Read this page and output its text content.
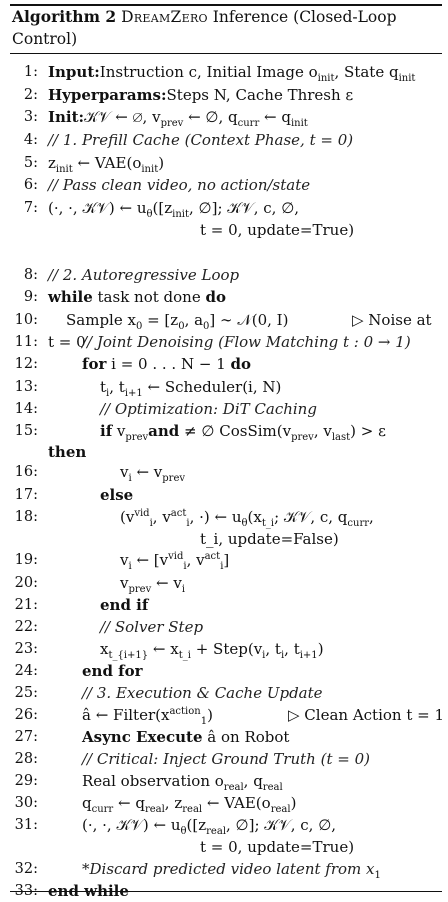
Algorithm 2 DreamZero Inference (Closed-Loop
Control)
1: Input:Instruction c, Initial Image $o_{init}$, State $q_{init}$
2: Hyperparams:Steps N, Cache Thresh ε
3: Init:𝒦𝒱 ← ∅, $v_{prev}$ ← ∅, $q_{curr}$ ← $q_{init}$
4: // 1. Prefill Cache (Context Phase, t = 0)
5: $z_{init}$ ← $VAE(o_{init})$
6: // Pass clean video, no action/state
7: (·, ·, 𝒦𝒱) ← $u_\theta([z_{init}$, ∅]; 𝒦𝒱, c, ∅,
t = 0, update=True)
8: // 2. Autoregressive Loop
9: while task not done do
10: Sample $x_0 = [z_0$, $a_0$] ∼ 𝒩(0, I)	▷ Noise at
t = 0
11:	// Joint Denoising (Flow Matching t : 0 → 1)
12:	for i = 0 . . . N − 1 do
13:	$t_i$, $t_{i+1}$ ← Scheduler(i, N)
14:	// Optimization: DiT Caching
15:	if $v_{prev}and$ ≠ ∅ $CosSim(v_{prev}$, $v_{last}) > \varepsilon$
then
16:	$v_i$ ← $v_{prev}$
17:	else
18:	($v^{vid}_i$, $v^{act}_i$, ·) ← $u_\theta(x_{t\_i}$; 𝒦𝒱, c, $q_{curr}$,
t_i, update=False)
19:	$v_i$ ← [$v^{vid}_i$, $v^{act}_i$]
20:	$v_{prev}$ ← $v_i$
21:	end if
22:	// Solver Step
23:	$x_{t\_\{i+1\}}$ ← $x_{t\_i}$ + $Step(v_i$, $t_i$, $t_{i+1}$)
24:	end for
25:	// 3. Execution & Cache Update
26:	â ← $Filter(x^{action}_1)$	▷ Clean Action t = 1
27:	Async Execute â on Robot
28:	// Critical: Inject Ground Truth (t = 0)
29:	Real observation $o_{real}$, $q_{real}$
30:	$q_{curr}$ ← $q_{real}$, $z_{real}$ ← $VAE(o_{real})$
31:	(·, ·, 𝒦𝒱) ← $u_\theta([z_{real}$, ∅]; 𝒦𝒱, c, ∅,
t = 0, update=True)
32:	*Discard predicted video latent from $x_1$
33: end while
